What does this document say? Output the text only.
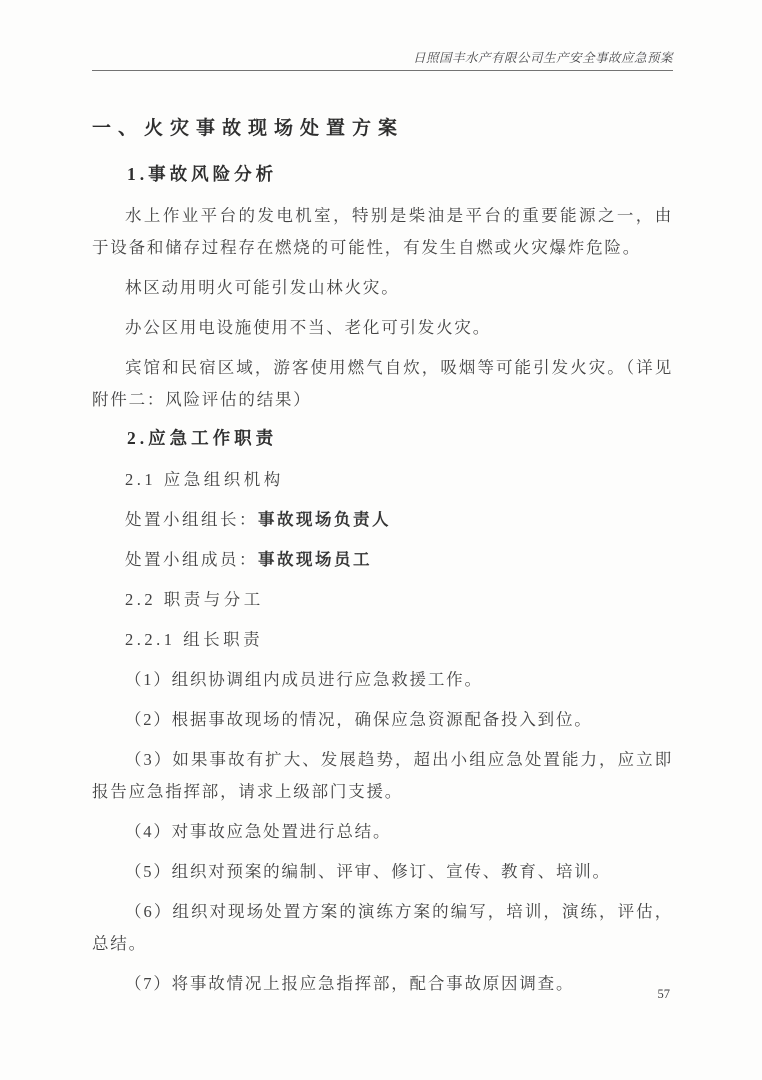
日照国丰水产有限公司生产安全事故应急预案
一、火灾事故现场处置方案
1.事故风险分析

水上作业平台的发电机室，特别是柴油是平台的重要能源之一，由于设备和储存过程存在燃烧的可能性，有发生自燃或火灾爆炸危险。

林区动用明火可能引发山林火灾。

办公区用电设施使用不当、老化可引发火灾。

宾馆和民宿区域，游客使用燃气自炊，吸烟等可能引发火灾。（详见附件二：风险评估的结果）

2.应急工作职责

2.1 应急组织机构

处置小组组长：事故现场负责人

处置小组成员：事故现场员工

2.2 职责与分工

2.2.1 组长职责

（1）组织协调组内成员进行应急救援工作。

（2）根据事故现场的情况，确保应急资源配备投入到位。

（3）如果事故有扩大、发展趋势，超出小组应急处置能力，应立即报告应急指挥部，请求上级部门支援。

（4）对事故应急处置进行总结。

（5）组织对预案的编制、评审、修订、宣传、教育、培训。

（6）组织对现场处置方案的演练方案的编写，培训，演练，评估，总结。

（7）将事故情况上报应急指挥部，配合事故原因调查。

57
